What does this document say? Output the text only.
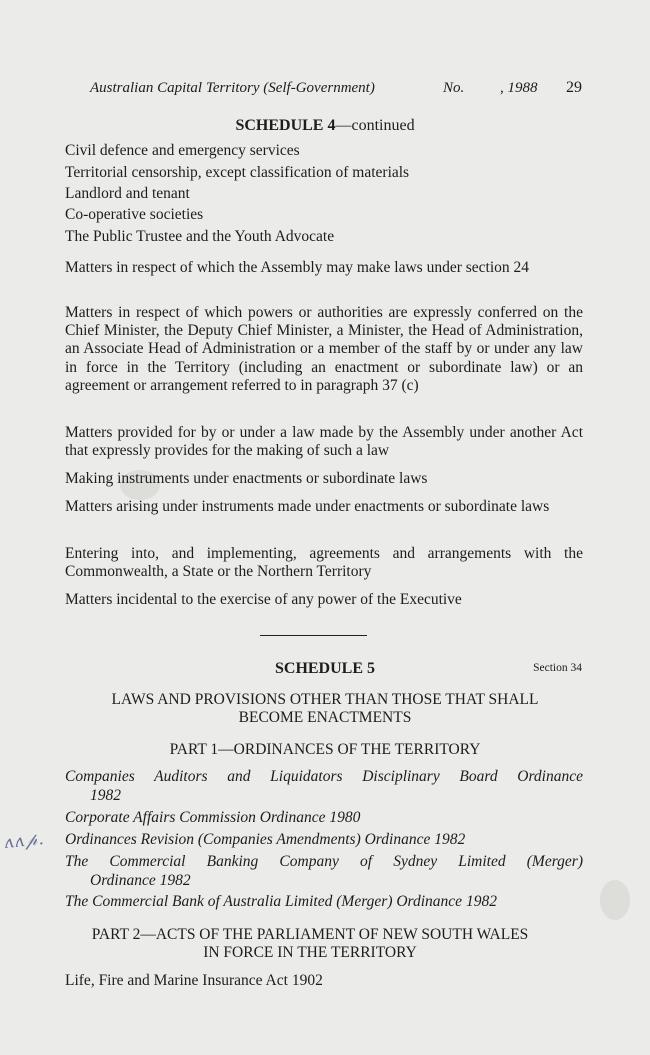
Australian Capital Territory (Self-Government)	No. , 1988 29
SCHEDULE 4—continued
Civil defence and emergency services
Territorial censorship, except classification of materials
Landlord and tenant
Co-operative societies
The Public Trustee and the Youth Advocate
Matters in respect of which the Assembly may make laws under section 24
Matters in respect of which powers or authorities are expressly conferred on the Chief Minister, the Deputy Chief Minister, a Minister, the Head of Administration, an Associate Head of Administration or a member of the staff by or under any law in force in the Territory (including an enactment or subordinate law) or an agreement or arrangement referred to in paragraph 37 (c)
Matters provided for by or under a law made by the Assembly under another Act that expressly provides for the making of such a law
Making instruments under enactments or subordinate laws
Matters arising under instruments made under enactments or subordinate laws
Entering into, and implementing, agreements and arrangements with the Commonwealth, a State or the Northern Territory
Matters incidental to the exercise of any power of the Executive
SCHEDULE 5	Section 34
LAWS AND PROVISIONS OTHER THAN THOSE THAT SHALL
BECOME ENACTMENTS
PART 1—ORDINANCES OF THE TERRITORY
Companies Auditors and Liquidators Disciplinary Board Ordinance
1982
Corporate Affairs Commission Ordinance 1980
Ordinances Revision (Companies Amendments) Ordinance 1982
The Commercial Banking Company of Sydney Limited (Merger)
Ordinance 1982
The Commercial Bank of Australia Limited (Merger) Ordinance 1982
PART 2—ACTS OF THE PARLIAMENT OF NEW SOUTH WALES
IN FORCE IN THE TERRITORY
Life, Fire and Marine Insurance Act 1902
ʌʌ𝓅.
